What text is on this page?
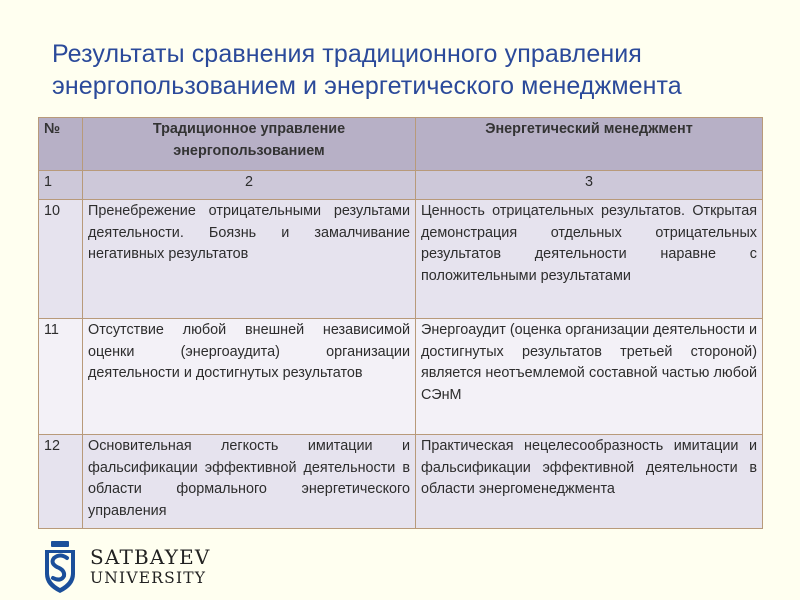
Результаты сравнения традиционного управления энергопользованием и энергетического менеджмента
№	Традиционное управление энергопользованием	Энергетический менеджмент
1	2	3
10	Пренебрежение отрицательными результами деятельности. Боязнь и замалчивание негативных результатов	Ценность отрицательных результатов. Открытая демонстрация отдельных отрицательных результатов деятельности наравне с положительными результатами
11	Отсутствие любой внешней независимой оценки (энергоаудита) организации деятельности и достигнутых результатов	Энергоаудит (оценка организации деятельности и достигнутых результатов третьей стороной) является неотъемлемой составной частью любой СЭнМ
12	Основительная легкость имитации и фальсификации эффективной деятельности в области формального энергетического управления	Практическая нецелесообразность имитации и фальсификации эффективной деятельности в области энергоменеджмента
SATBAYEV
UNIVERSITY
